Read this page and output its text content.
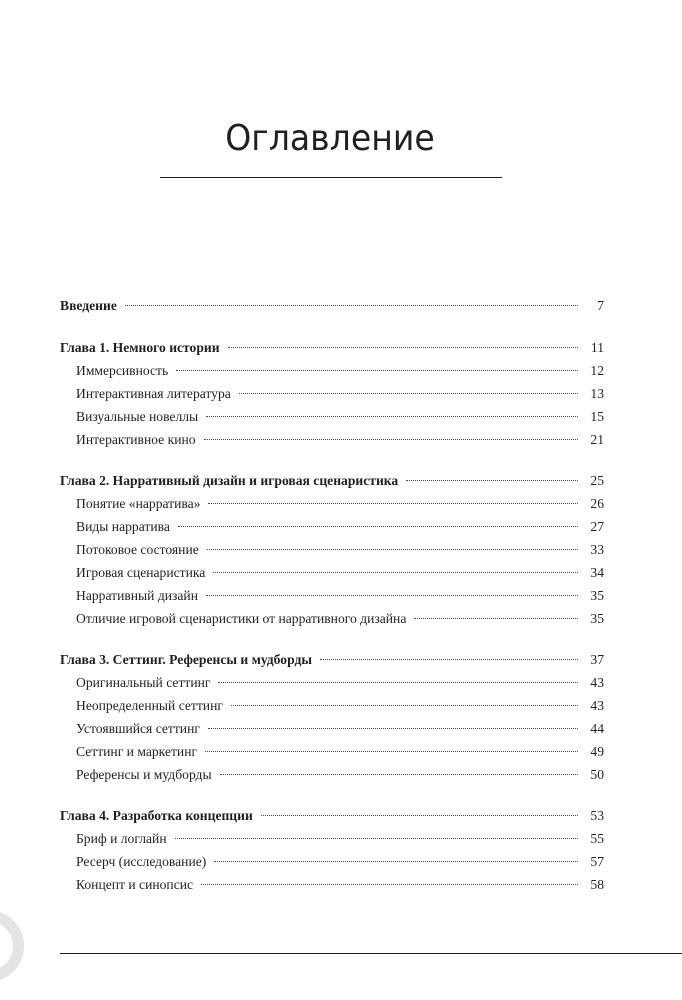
Оглавление
Введение	7
Глава 1. Немного истории	11
Иммерсивность	12
Интерактивная литература	13
Визуальные новеллы	15
Интерактивное кино	21
Глава 2. Нарративный дизайн и игровая сценаристика	25
Понятие «нарратива»	26
Виды нарратива	27
Потоковое состояние	33
Игровая сценаристика	34
Нарративный дизайн	35
Отличие игровой сценаристики от нарративного дизайна	35
Глава 3. Сеттинг. Референсы и мудборды	37
Оригинальный сеттинг	43
Неопределенный сеттинг	43
Устоявшийся сеттинг	44
Сеттинг и маркетинг	49
Референсы и мудборды	50
Глава 4. Разработка концепции	53
Бриф и логлайн	55
Ресерч (исследование)	57
Концепт и синопсис	58
